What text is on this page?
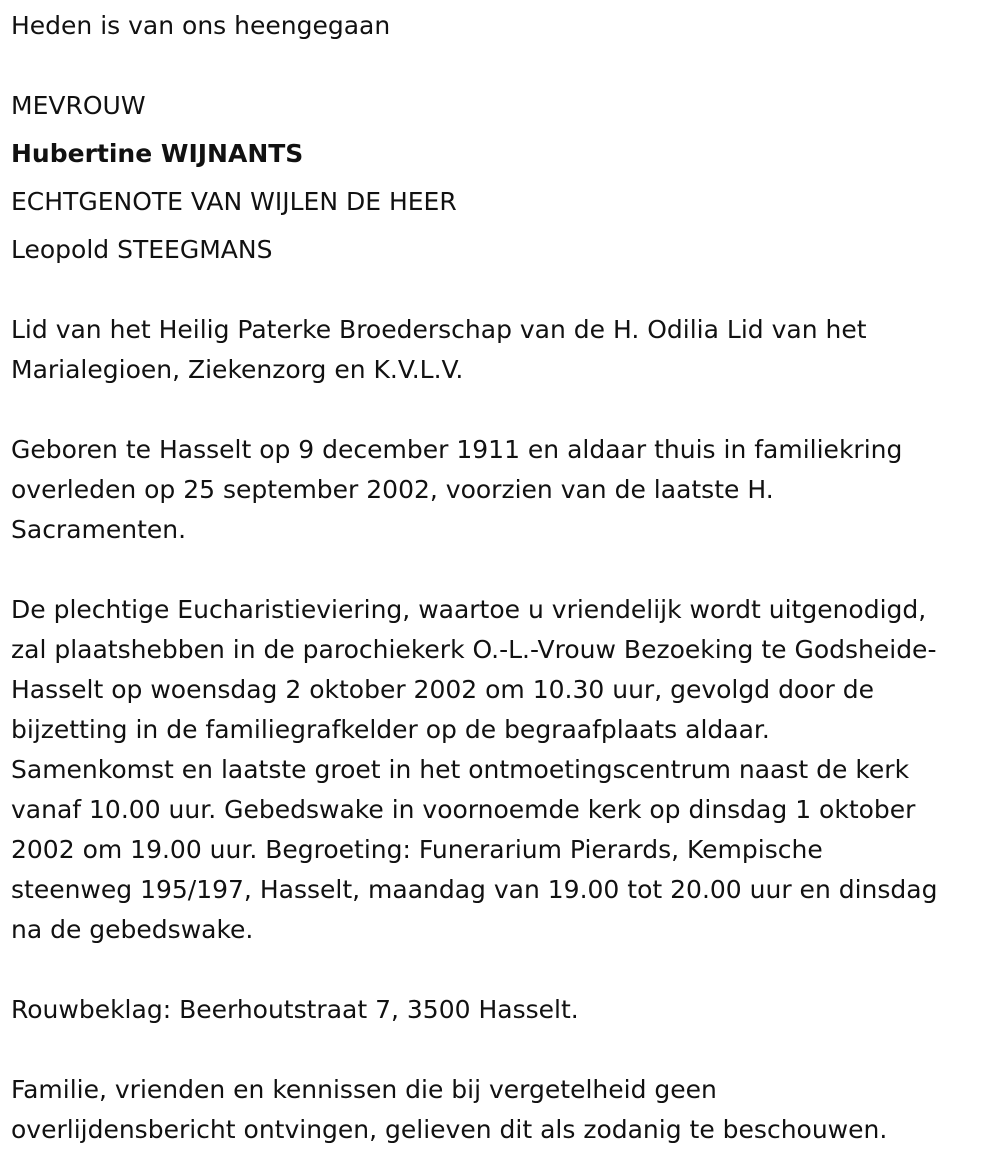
Heden is van ons heengegaan
MEVROUW
Hubertine WIJNANTS
ECHTGENOTE VAN WIJLEN DE HEER
Leopold STEEGMANS
Lid van het Heilig Paterke Broederschap van de H. Odilia Lid van het
Marialegioen, Ziekenzorg en K.V.L.V.
Geboren te Hasselt op 9 december 1911 en aldaar thuis in familiekring
overleden op 25 september 2002, voorzien van de laatste H.
Sacramenten.
De plechtige Eucharistieviering, waartoe u vriendelijk wordt uitgenodigd,
zal plaatshebben in de parochiekerk O.-L.-Vrouw Bezoeking te Godsheide-
Hasselt op woensdag 2 oktober 2002 om 10.30 uur, gevolgd door de
bijzetting in de familiegrafkelder op de begraafplaats aldaar.
Samenkomst en laatste groet in het ontmoetingscentrum naast de kerk
vanaf 10.00 uur. Gebedswake in voornoemde kerk op dinsdag 1 oktober
2002 om 19.00 uur. Begroeting: Funerarium Pierards, Kempische
steenweg 195/197, Hasselt, maandag van 19.00 tot 20.00 uur en dinsdag
na de gebedswake.
Rouwbeklag: Beerhoutstraat 7, 3500 Hasselt.
Familie, vrienden en kennissen die bij vergetelheid geen
overlijdensbericht ontvingen, gelieven dit als zodanig te beschouwen.
